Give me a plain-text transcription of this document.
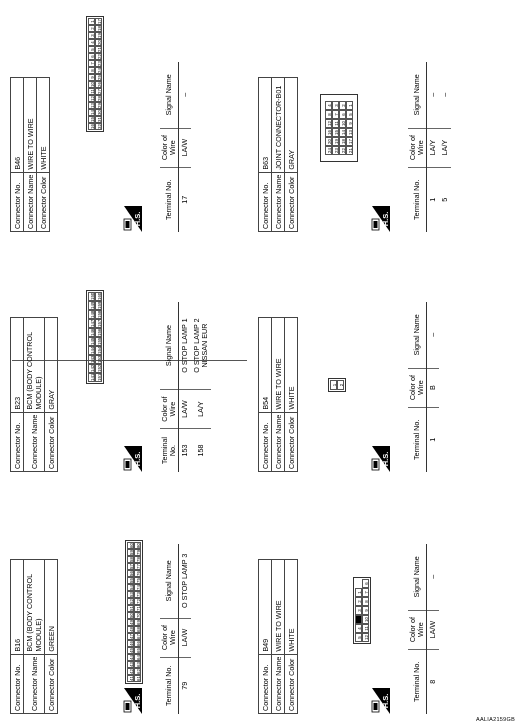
Connector No.	B16
Connector Name	BCM (BODY CONTROL MODULE)
Connector Color	GREEN
H.S.
41
42
43
44
45
46
47
48
49
50
51
52
53
54
55
56
57
58
59
60
61
62
63
64
65
66
67
68
69
70
71
72
73
74
75
76
77
78
79
80
Terminal No.	Color of Wire	Signal Name
79	LA/W	O STOP LAMP 3
Connector No.	B23
Connector Name	BCM (BODY CONTROL MODULE)
Connector Color	GRAY
H.S.
141
142
143
144
145
146
147
148
149
150
151
152
153
154
155
156
157
158
159
160
Terminal No.	Color of Wire	Signal Name
153	LA/W	O STOP LAMP 1
158	LA/Y	O STOP LAMP 2 NISSAN EUR
Connector No.	B46
Connector Name	WIRE TO WIRE
Connector Color	WHITE
H.S.
16
15
14
13
12
11
10
9
8
7
6
5
4
3
2
1
32
31
30
29
28
27
26
25
24
23
22
21
20
19
18
17
Terminal No.	Color of Wire	Signal Name
17	LA/W	–
Connector No.	B49
Connector Name	WIRE TO WIRE
Connector Color	WHITE
H.S.
5
4
3
2
1
12
11
10
9
8
7
6
Terminal No.	Color of Wire	Signal Name
8	LA/W	–
Connector No.	B54
Connector Name	WIRE TO WIRE
Connector Color	WHITE
H.S.
1 2
Terminal No.	Color of Wire	Signal Name
1	B	–
Connector No.	B63
Connector Name	JOINT CONNECTOR-B01
Connector Color	GRAY
H.S.
24
20
16
12
8
4
23
19
15
11
7
3
22
18
14
10
6
2
21
17
13
9
5
1
Terminal No.	Color of Wire	Signal Name
1	LA/Y	–
5	LA/Y	–
AALIA2159GB
